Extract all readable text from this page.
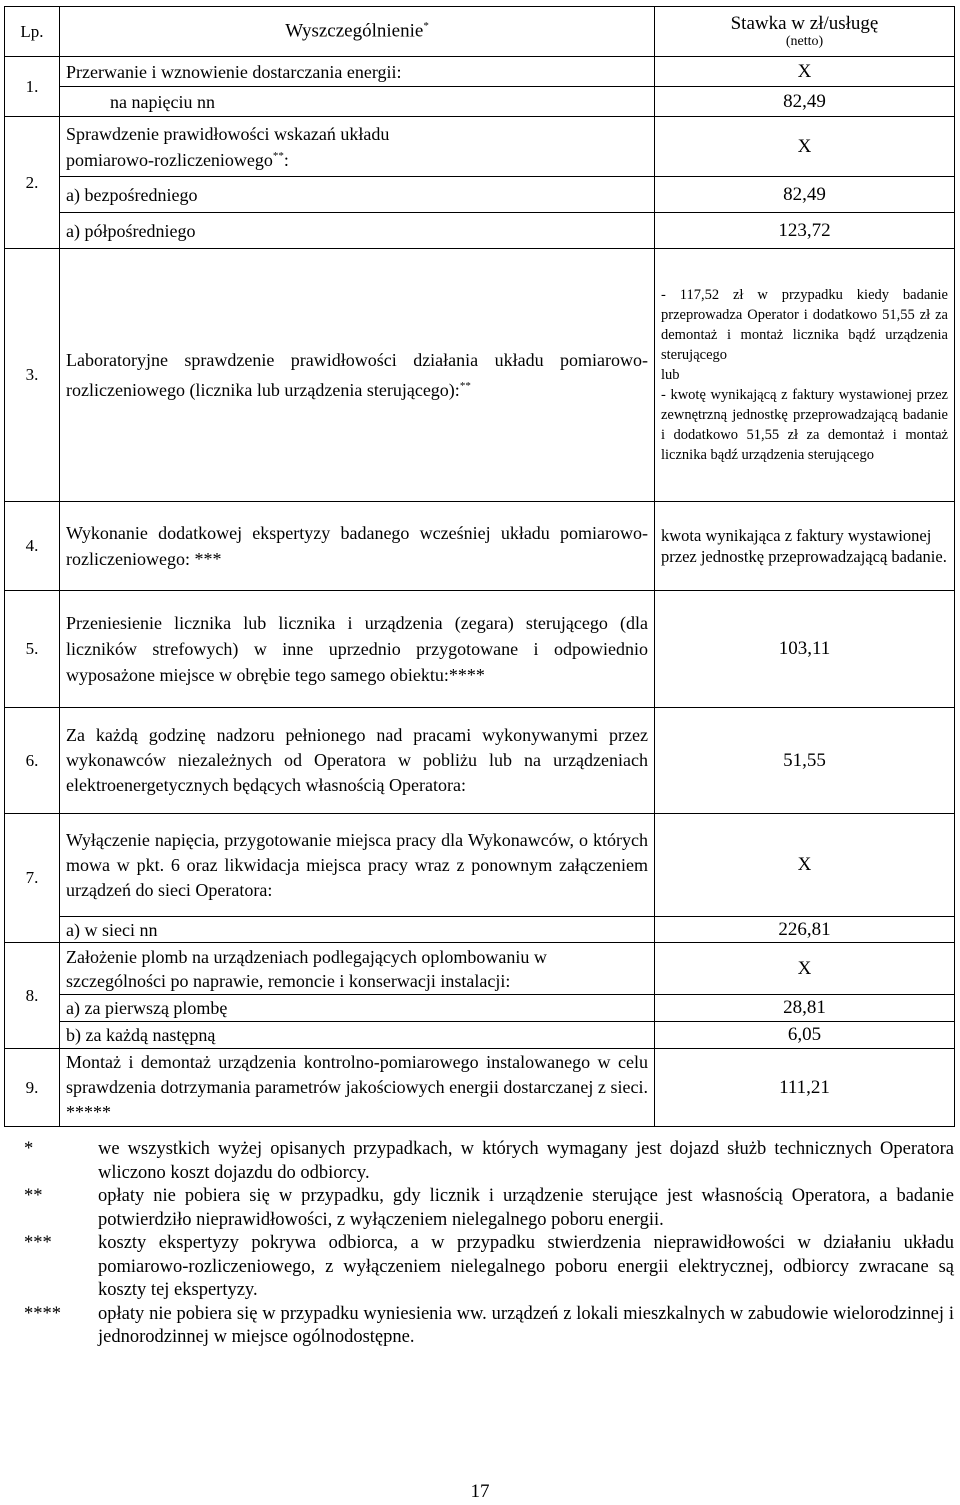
Lp.	Wyszczególnienie*	Stawka w zł/usługę
(netto)

1.	Przerwanie i wznowienie dostarczania energii:	X
	na napięciu nn	82,49
2.	Sprawdzenie prawidłowości wskazań układu pomiarowo-rozliczeniowego**:	X
	a) bezpośredniego	82,49
	a) półpośredniego	123,72
3.	Laboratoryjne sprawdzenie prawidłowości działania układu pomiarowo-rozliczeniowego (licznika lub urządzenia sterującego):**	- 117,52 zł w przypadku kiedy badanie przeprowadza Operator i dodatkowo 51,55 zł za demontaż i montaż licznika bądź urządzenia sterującego
lub
- kwotę wynikającą z faktury wystawionej przez zewnętrzną jednostkę przeprowadzającą badanie i dodatkowo 51,55 zł za demontaż i montaż licznika bądź urządzenia sterującego

4.	Wykonanie dodatkowej ekspertyzy badanego wcześniej układu pomiarowo-rozliczeniowego: ***	kwota wynikająca z faktury wystawionej przez jednostkę przeprowadzającą badanie.
5.	Przeniesienie licznika lub licznika i urządzenia (zegara) sterującego (dla liczników strefowych) w inne uprzednio przygotowane i odpowiednio wyposażone miejsce w obrębie tego samego obiektu:****	103,11
6.	Za każdą godzinę nadzoru pełnionego nad pracami wykonywanymi przez wykonawców niezależnych od Operatora w pobliżu lub na urządzeniach elektroenergetycznych będących własnością Operatora:	51,55
7.	Wyłączenie napięcia, przygotowanie miejsca pracy dla Wykonawców, o których mowa w pkt. 6 oraz likwidacja miejsca pracy wraz z ponownym załączeniem urządzeń do sieci Operatora:	X
	a) w sieci nn	226,81
8.	Założenie plomb na urządzeniach podlegających oplombowaniu w szczególności po naprawie, remoncie i konserwacji instalacji:	X
	a) za pierwszą plombę	28,81
	b) za każdą następną	6,05
9.	Montaż i demontaż urządzenia kontrolno-pomiarowego instalowanego w celu sprawdzenia dotrzymania parametrów jakościowych energii dostarczanej z sieci. *****	111,21
*	we wszystkich wyżej opisanych przypadkach, w których wymagany jest dojazd służb technicznych Operatora wliczono koszt dojazdu do odbiorcy.
**	opłaty nie pobiera się w przypadku, gdy licznik i urządzenie sterujące jest własnością Operatora, a badanie potwierdziło nieprawidłowości, z wyłączeniem nielegalnego poboru energii.
***	koszty ekspertyzy pokrywa odbiorca, a w przypadku stwierdzenia nieprawidłowości w działaniu układu pomiarowo-rozliczeniowego, z wyłączeniem nielegalnego poboru energii elektrycznej, odbiorcy zwracane są koszty tej ekspertyzy.
****	opłaty nie pobiera się w przypadku wyniesienia ww. urządzeń z lokali mieszkalnych w zabudowie wielorodzinnej i jednorodzinnej w miejsce ogólnodostępne.
17
